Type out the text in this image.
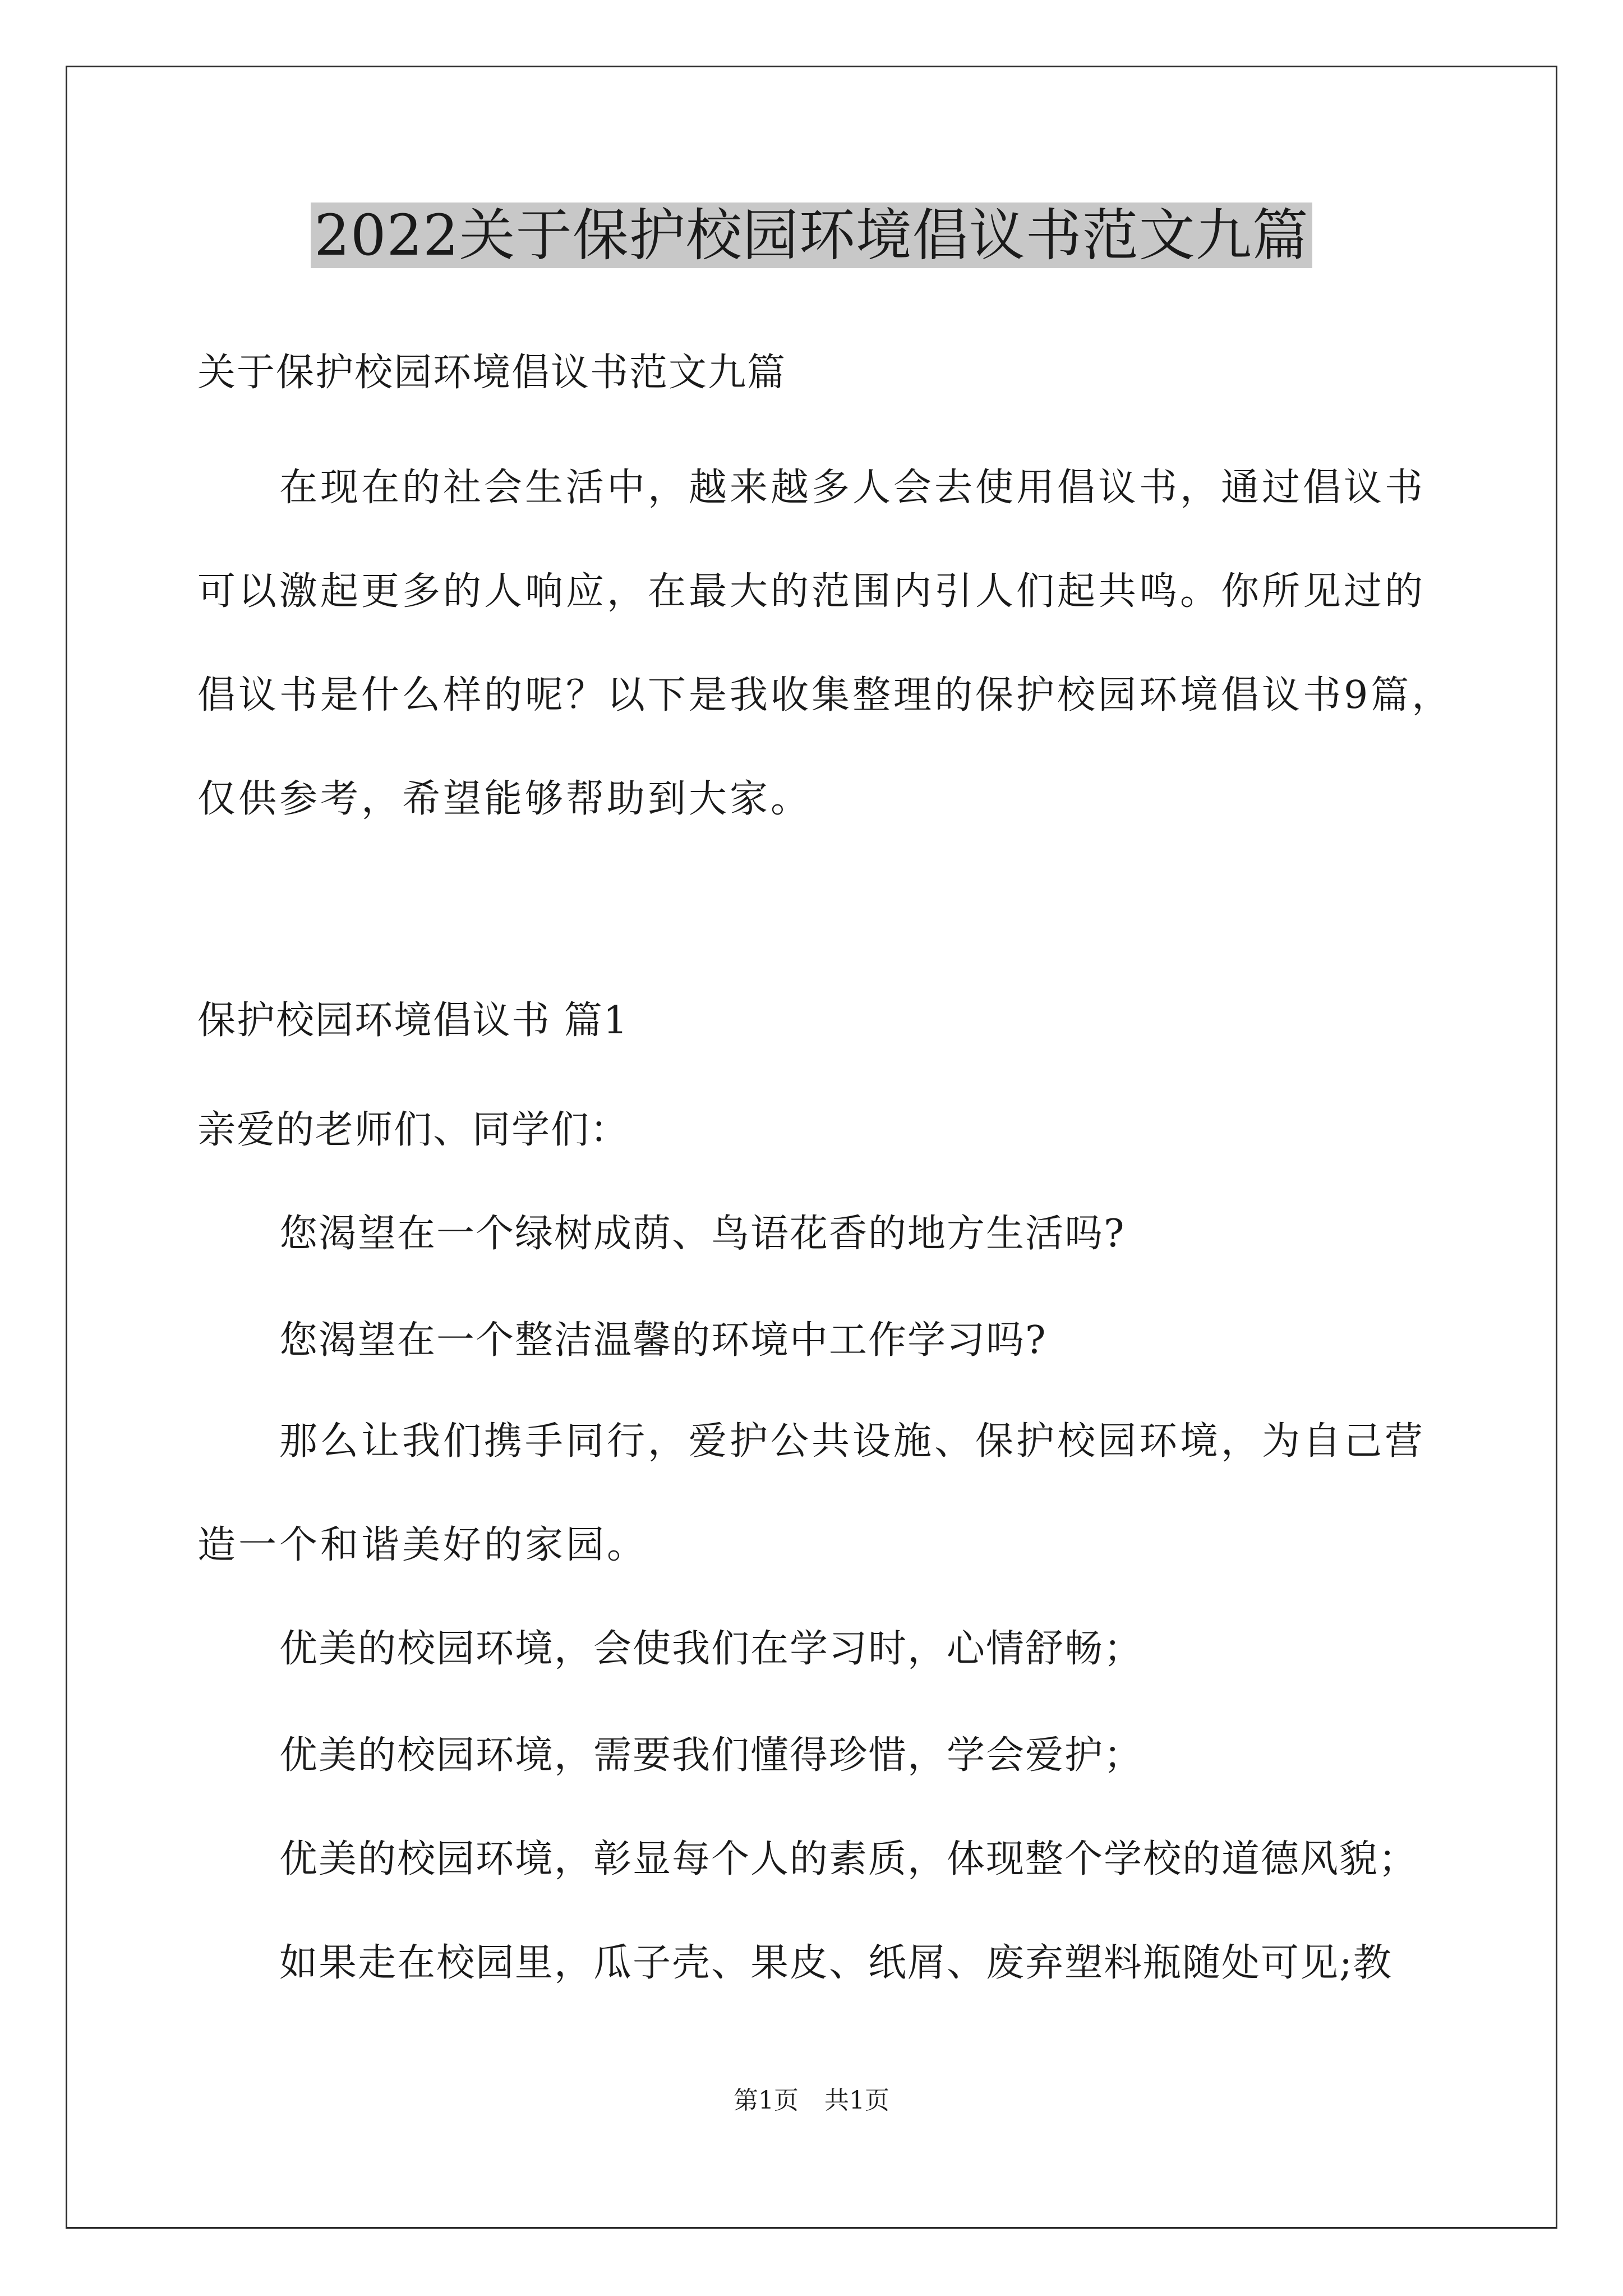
2022关于保护校园环境倡议书范文九篇
关于保护校园环境倡议书范文九篇
在现在的社会生活中，越来越多人会去使用倡议书，通过倡议书
可以激起更多的人响应，在最大的范围内引人们起共鸣。你所见过的
倡议书是什么样的呢？以下是我收集整理的保护校园环境倡议书9篇，
仅供参考，希望能够帮助到大家。
保护校园环境倡议书 篇1
亲爱的老师们、同学们：
您渴望在一个绿树成荫、鸟语花香的地方生活吗?
您渴望在一个整洁温馨的环境中工作学习吗?
那么让我们携手同行，爱护公共设施、保护校园环境，为自己营
造一个和谐美好的家园。
优美的校园环境，会使我们在学习时，心情舒畅；
优美的校园环境，需要我们懂得珍惜，学会爱护；
优美的校园环境，彰显每个人的素质，体现整个学校的道德风貌；
如果走在校园里，瓜子壳、果皮、纸屑、废弃塑料瓶随处可见;教
第1页 共1页
